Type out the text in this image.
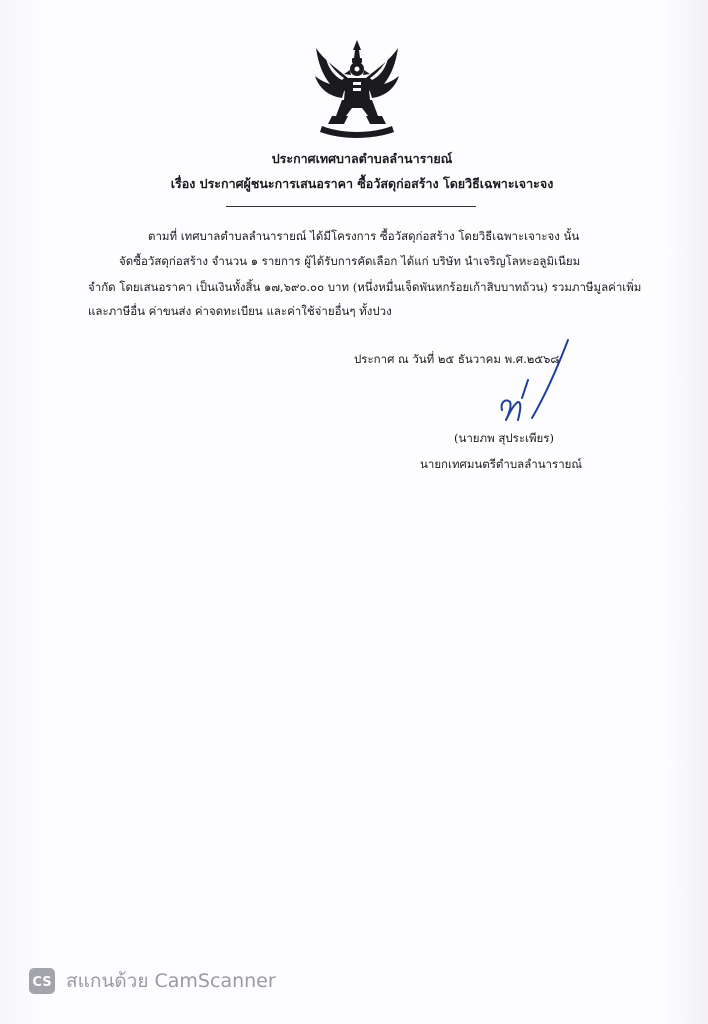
ประกาศเทศบาลตำบลลำนารายณ์
เรื่อง ประกาศผู้ชนะการเสนอราคา ซื้อวัสดุก่อสร้าง โดยวิธีเฉพาะเจาะจง
ตามที่ เทศบาลตำบลลำนารายณ์ ได้มีโครงการ ซื้อวัสดุก่อสร้าง โดยวิธีเฉพาะเจาะจง นั้น
จัดซื้อวัสดุก่อสร้าง จำนวน ๑ รายการ ผู้ได้รับการคัดเลือก ได้แก่ บริษัท นำเจริญโลหะอลูมิเนียม
จำกัด โดยเสนอราคา เป็นเงินทั้งสิ้น ๑๗,๖๙๐.๐๐ บาท (หนึ่งหมื่นเจ็ดพันหกร้อยเก้าสิบบาทถ้วน) รวมภาษีมูลค่าเพิ่ม
และภาษีอื่น ค่าขนส่ง ค่าจดทะเบียน และค่าใช้จ่ายอื่นๆ ทั้งปวง
ประกาศ ณ วันที่ ๒๕ ธันวาคม พ.ศ.๒๕๖๘
(นายภพ สุประเพียร)
นายกเทศมนตรีตำบลลำนารายณ์
CS สแกนด้วย CamScanner
